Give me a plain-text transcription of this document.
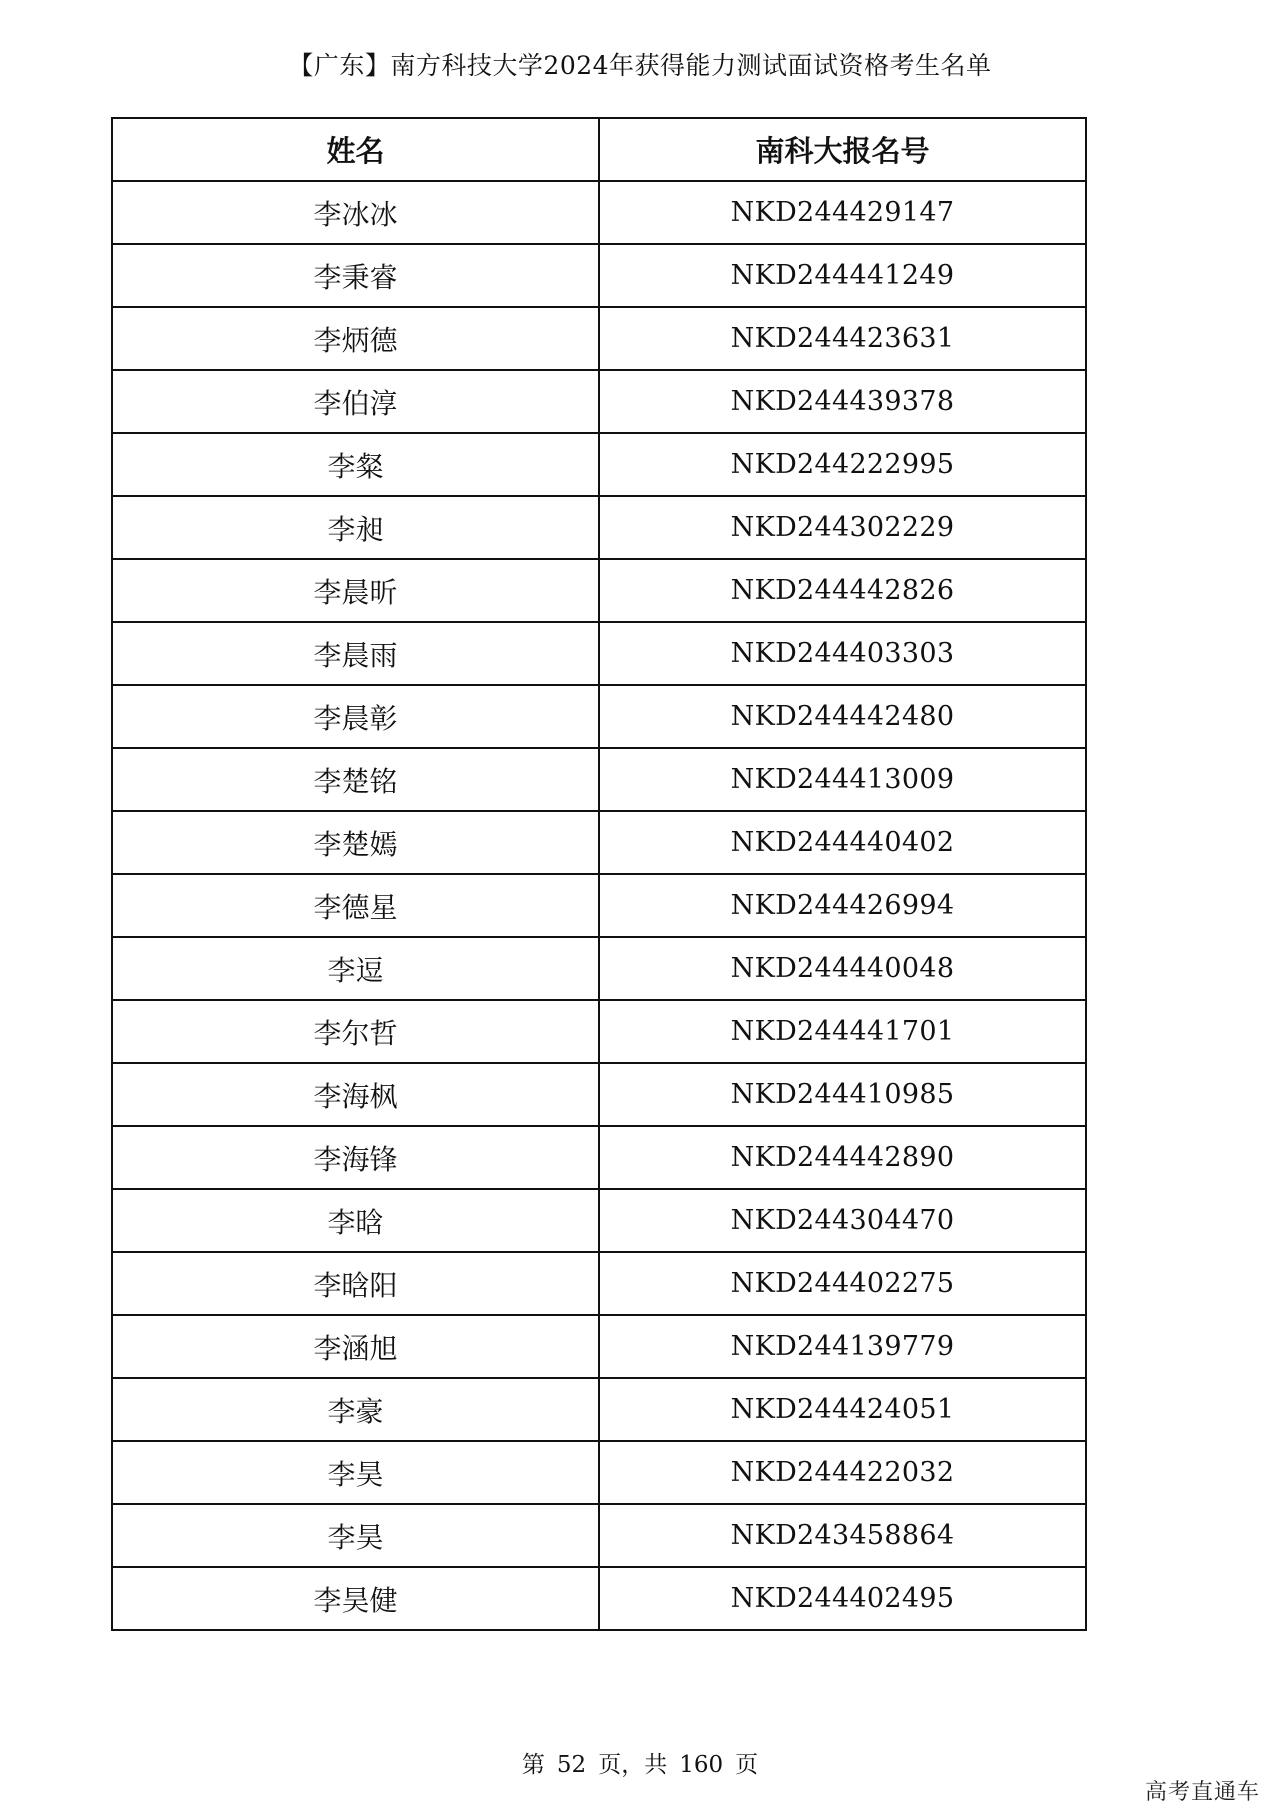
【广东】南方科技大学2024年获得能力测试面试资格考生名单
姓名	南科大报名号
李冰冰	NKD244429147
李秉睿	NKD244441249
李炳德	NKD244423631
李伯淳	NKD244439378
李粲	NKD244222995
李昶	NKD244302229
李晨昕	NKD244442826
李晨雨	NKD244403303
李晨彰	NKD244442480
李楚铭	NKD244413009
李楚嫣	NKD244440402
李德星	NKD244426994
李逗	NKD244440048
李尔哲	NKD244441701
李海枫	NKD244410985
李海锋	NKD244442890
李晗	NKD244304470
李晗阳	NKD244402275
李涵旭	NKD244139779
李豪	NKD244424051
李昊	NKD244422032
李昊	NKD243458864
李昊健	NKD244402495

第 52 页，共 160 页

高考直通车
